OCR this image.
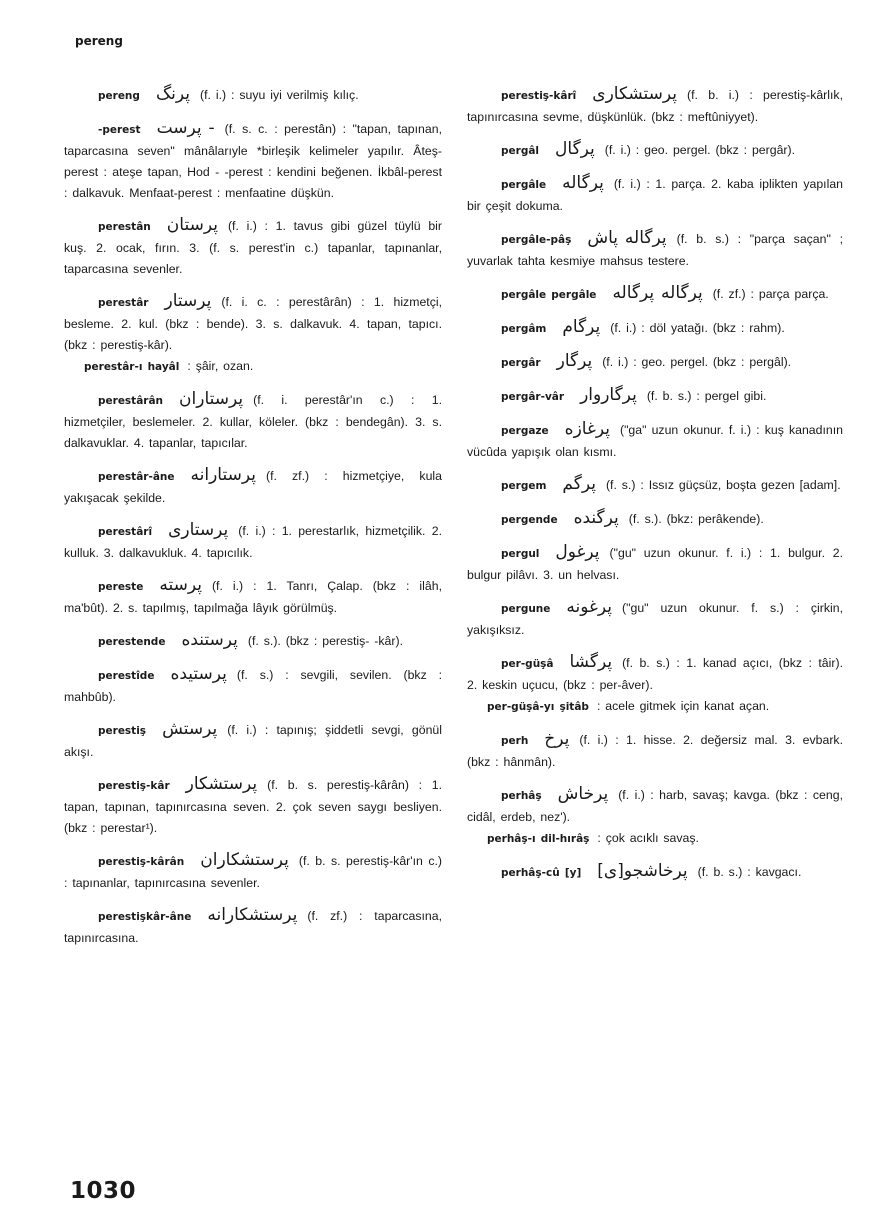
pereng
pereng پرنگ (f. i.) : suyu iyi verilmiş kılıç.
-perest - پرست (f. s. c. : perestân) : "tapan, tapınan, taparcasına seven" mânâlarıyle *birleşik kelimeler yapılır. Âteş-perest : ateşe tapan, Hod - -perest : kendini beğenen. İkbâl-perest : dalkavuk. Menfaat-perest : menfaatine düşkün.
perestân پرستان (f. i.) : 1. tavus gibi güzel tüylü bir kuş. 2. ocak, fırın. 3. (f. s. perest'in c.) tapanlar, tapınanlar, taparcasına sevenler.
perestâr پرستار (f. i. c. : perestârân) : 1. hizmetçi, besleme. 2. kul. (bkz : bende). 3. s. dalkavuk. 4. tapan, tapıcı. (bkz : perestiş-kâr).
perestâr-ı hayâl : şâir, ozan.
perestârân پرستاران (f. i. perestâr'ın c.) : 1. hizmetçiler, beslemeler. 2. kullar, köleler. (bkz : bendegân). 3. s. dalkavuklar. 4. tapanlar, tapıcılar.
perestâr-âne پرستارانه (f. zf.) : hizmetçiye, kula yakışacak şekilde.
perestârî پرستاری (f. i.) : 1. perestarlık, hizmetçilik. 2. kulluk. 3. dalkavukluk. 4. tapıcılık.
pereste پرسته (f. i.) : 1. Tanrı, Çalap. (bkz : ilâh, ma'bût). 2. s. tapılmış, tapılmağa lâyık görülmüş.
perestende پرستنده (f. s.). (bkz : perestiş- -kâr).
perestîde پرستیده (f. s.) : sevgili, sevilen. (bkz : mahbûb).
perestiş پرستش (f. i.) : tapınış; şiddetli sevgi, gönül akışı.
perestiş-kâr پرستشکار (f. b. s. perestiş-kârân) : 1. tapan, tapınan, tapınırcasına seven. 2. çok seven saygı besliyen. (bkz : perestar¹).
perestiş-kârân پرستشکاران (f. b. s. perestiş-kâr'ın c.) : tapınanlar, tapınırcasına sevenler.
perestişkâr-âne پرستشکارانه (f. zf.) : taparcasına, tapınırcasına.
perestiş-kârî پرستشکاری (f. b. i.) : perestiş-kârlık, tapınırcasına sevme, düşkünlük. (bkz : meftûniyyet).
pergâl پرگال (f. i.) : geo. pergel. (bkz : pergâr).
pergâle پرگاله (f. i.) : 1. parça. 2. kaba iplikten yapılan bir çeşit dokuma.
pergâle-pâş پرگاله پاش (f. b. s.) : "parça saçan" ; yuvarlak tahta kesmiye mahsus testere.
pergâle pergâle پرگاله پرگاله (f. zf.) : parça parça.
pergâm پرگام (f. i.) : döl yatağı. (bkz : rahm).
pergâr پرگار (f. i.) : geo. pergel. (bkz : pergâl).
pergâr-vâr پرگاروار (f. b. s.) : pergel gibi.
pergaze پرغازه ("ga" uzun okunur. f. i.) : kuş kanadının vücûda yapışık olan kısmı.
pergem پرگم (f. s.) : Issız güçsüz, boşta gezen [adam].
pergende پرگنده (f. s.). (bkz: perâkende).
pergul پرغول ("gu" uzun okunur. f. i.) : 1. bulgur. 2. bulgur pilâvı. 3. un helvası.
pergune پرغونه ("gu" uzun okunur. f. s.) : çirkin, yakışıksız.
per-güşâ پرگشا (f. b. s.) : 1. kanad açıcı, (bkz : tâir). 2. keskin uçucu, (bkz : per-âver).
per-güşâ-yı şitâb : acele gitmek için kanat açan.
perh پرخ (f. i.) : 1. hisse. 2. değersiz mal. 3. evbark. (bkz : hânmân).
perhâş پرخاش (f. i.) : harb, savaş; kavga. (bkz : ceng, cidâl, erdeb, nez').
perhâş-ı dil-hırâş : çok acıklı savaş.
perhâş-cû [y] پرخاشجو[ی] (f. b. s.) : kavgacı.
1030
